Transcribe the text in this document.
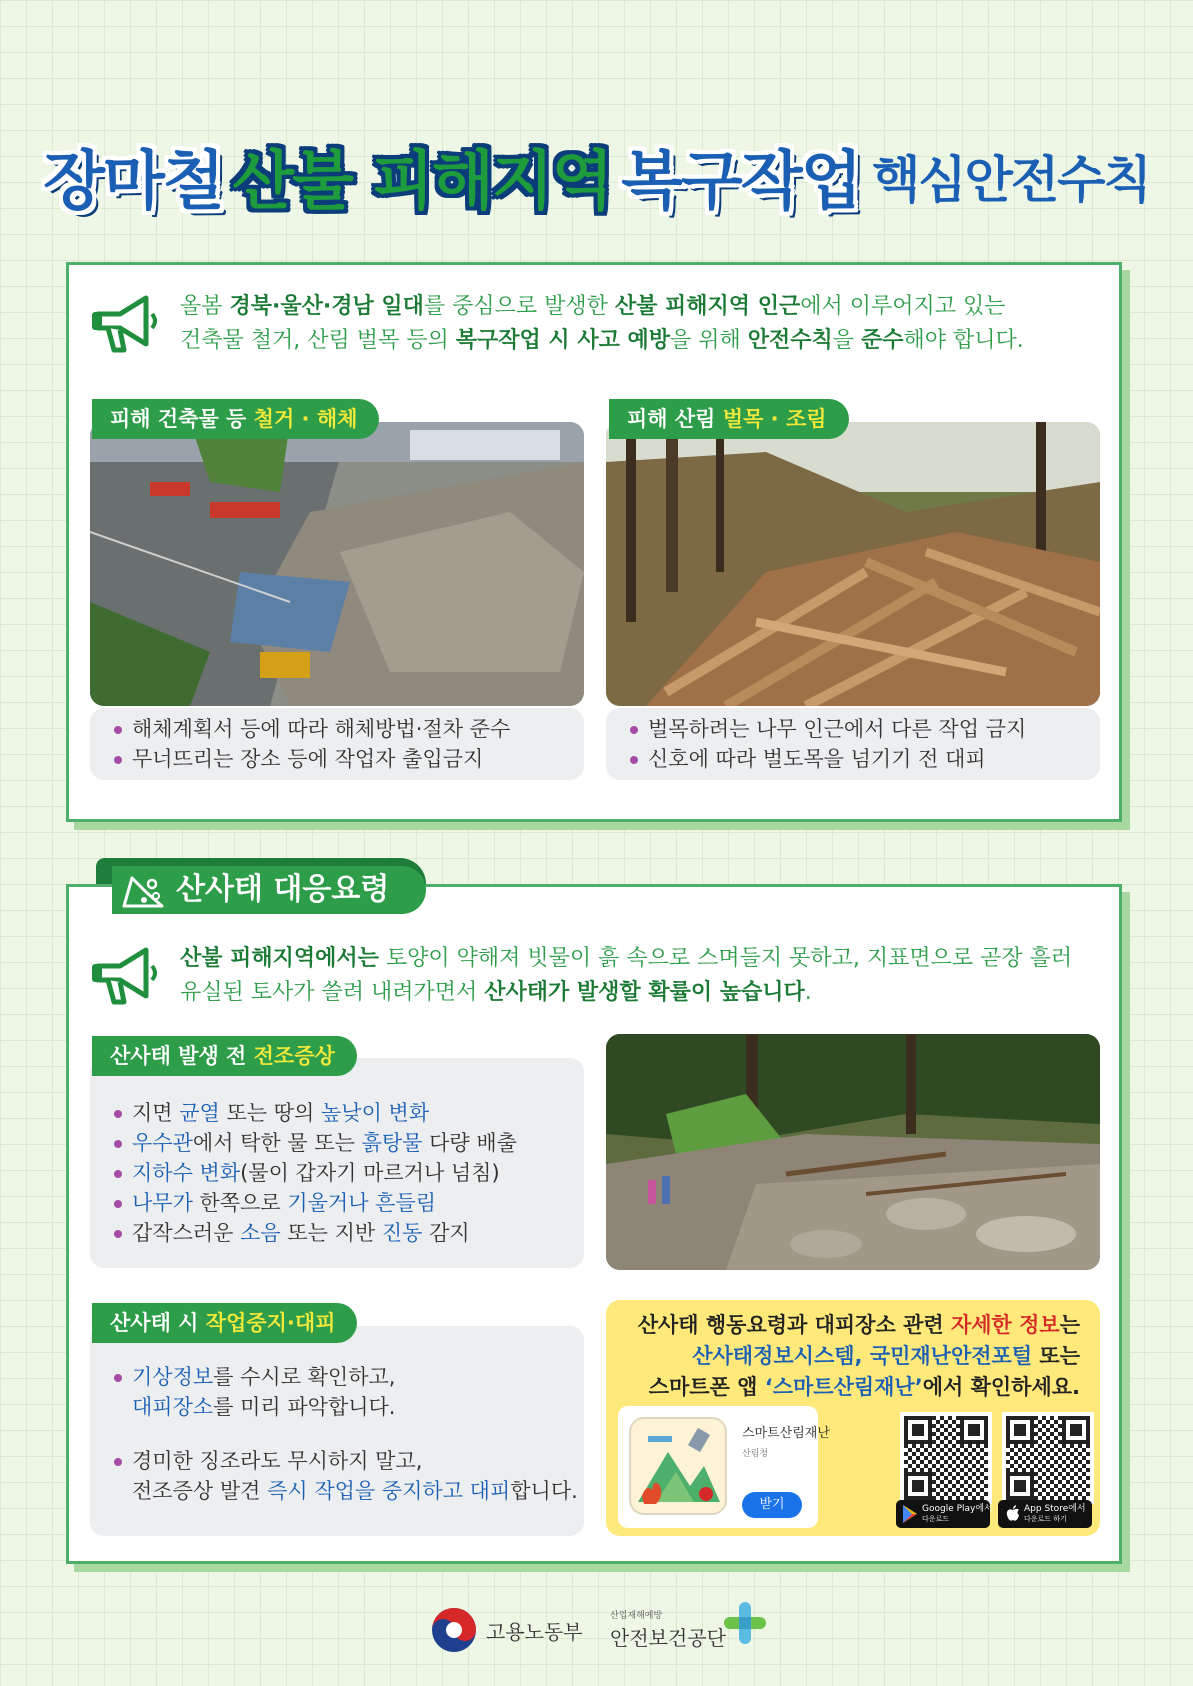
장마철 산불 피해지역 복구작업 핵심안전수칙
올봄 경북·울산·경남 일대를 중심으로 발생한 산불 피해지역 인근에서 이루어지고 있는
건축물 철거, 산림 벌목 등의 복구작업 시 사고 예방을 위해 안전수칙을 준수해야 합니다.
피해 건축물 등 철거 · 해체
해체계획서 등에 따라 해체방법·절차 준수
무너뜨리는 장소 등에 작업자 출입금지
피해 산림 벌목 · 조림
벌목하려는 나무 인근에서 다른 작업 금지
신호에 따라 벌도목을 넘기기 전 대피
산사태 대응요령
산불 피해지역에서는 토양이 약해져 빗물이 흙 속으로 스며들지 못하고, 지표면으로 곧장 흘러
유실된 토사가 쓸려 내려가면서 산사태가 발생할 확률이 높습니다.
산사태 발생 전 전조증상
지면 균열 또는 땅의 높낮이 변화
우수관에서 탁한 물 또는 흙탕물 다량 배출
지하수 변화(물이 갑자기 마르거나 넘침)
나무가 한쪽으로 기울거나 흔들림
갑작스러운 소음 또는 지반 진동 감지
산사태 시 작업중지·대피
기상정보를 수시로 확인하고,
대피장소를 미리 파악합니다.
경미한 징조라도 무시하지 말고,
전조증상 발견 즉시 작업을 중지하고 대피합니다.
산사태 행동요령과 대피장소 관련 자세한 정보는
산사태정보시스템, 국민재난안전포털 또는
스마트폰 앱 ‘스마트산림재난’에서 확인하세요.
스마트산림재난
산림청
받기	Google Play에서
다운로드
App Store에서
다운로드 하기
고용노동부
산업재해예방
안전보건공단
